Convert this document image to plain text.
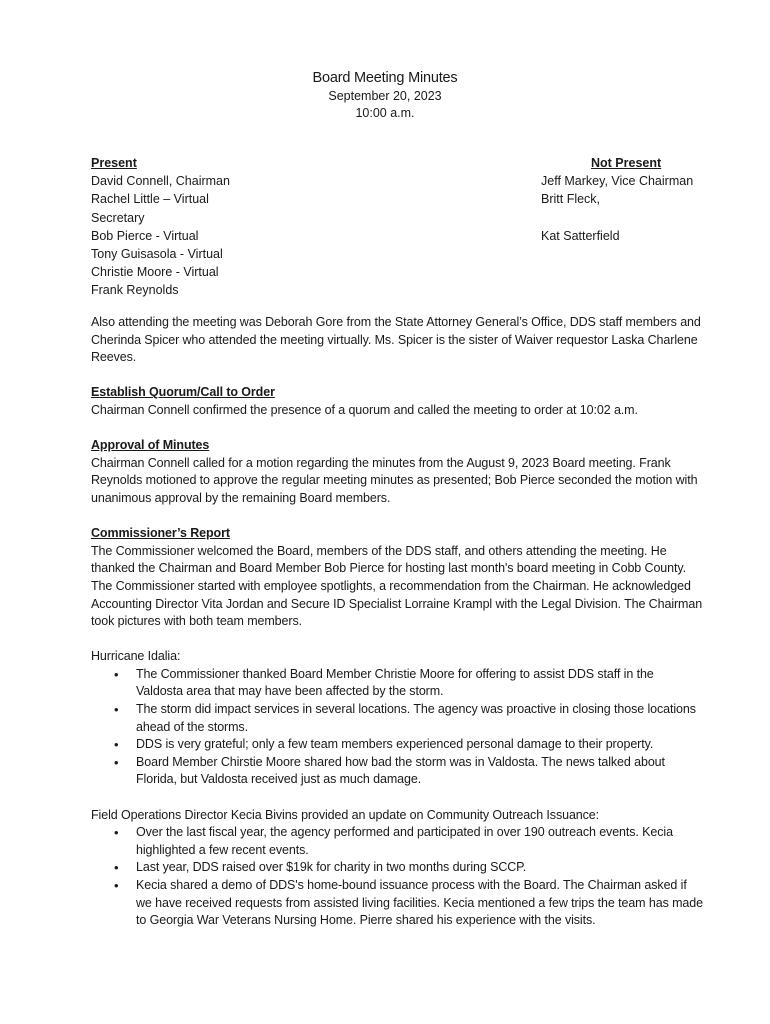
Board Meeting Minutes
September 20, 2023
10:00 a.m.
Present
David Connell, Chairman
Rachel Little – Virtual
Secretary
Bob Pierce - Virtual
Tony Guisasola - Virtual
Christie Moore - Virtual
Frank Reynolds
Not Present
Jeff Markey, Vice Chairman
Britt Fleck,
Kat Satterfield

Also attending the meeting was Deborah Gore from the State Attorney General’s Office, DDS staff members and Cherinda Spicer who attended the meeting virtually. Ms. Spicer is the sister of Waiver requestor Laska Charlene Reeves.

Establish Quorum/Call to Order
Chairman Connell confirmed the presence of a quorum and called the meeting to order at 10:02 a.m.

Approval of Minutes
Chairman Connell called for a motion regarding the minutes from the August 9, 2023 Board meeting. Frank Reynolds motioned to approve the regular meeting minutes as presented; Bob Pierce seconded the motion with unanimous approval by the remaining Board members.

Commissioner’s Report
The Commissioner welcomed the Board, members of the DDS staff, and others attending the meeting. He thanked the Chairman and Board Member Bob Pierce for hosting last month's board meeting in Cobb County. The Commissioner started with employee spotlights, a recommendation from the Chairman. He acknowledged Accounting Director Vita Jordan and Secure ID Specialist Lorraine Krampl with the Legal Division. The Chairman took pictures with both team members.

Hurricane Idalia:
• The Commissioner thanked Board Member Christie Moore for offering to assist DDS staff in the Valdosta area that may have been affected by the storm.
• The storm did impact services in several locations. The agency was proactive in closing those locations ahead of the storms.
• DDS is very grateful; only a few team members experienced personal damage to their property.
• Board Member Chirstie Moore shared how bad the storm was in Valdosta. The news talked about Florida, but Valdosta received just as much damage.
Field Operations Director Kecia Bivins provided an update on Community Outreach Issuance:
• Over the last fiscal year, the agency performed and participated in over 190 outreach events. Kecia highlighted a few recent events.
• Last year, DDS raised over $19k for charity in two months during SCCP.
• Kecia shared a demo of DDS's home-bound issuance process with the Board. The Chairman asked if we have received requests from assisted living facilities. Kecia mentioned a few trips the team has made to Georgia War Veterans Nursing Home. Pierre shared his experience with the visits.
